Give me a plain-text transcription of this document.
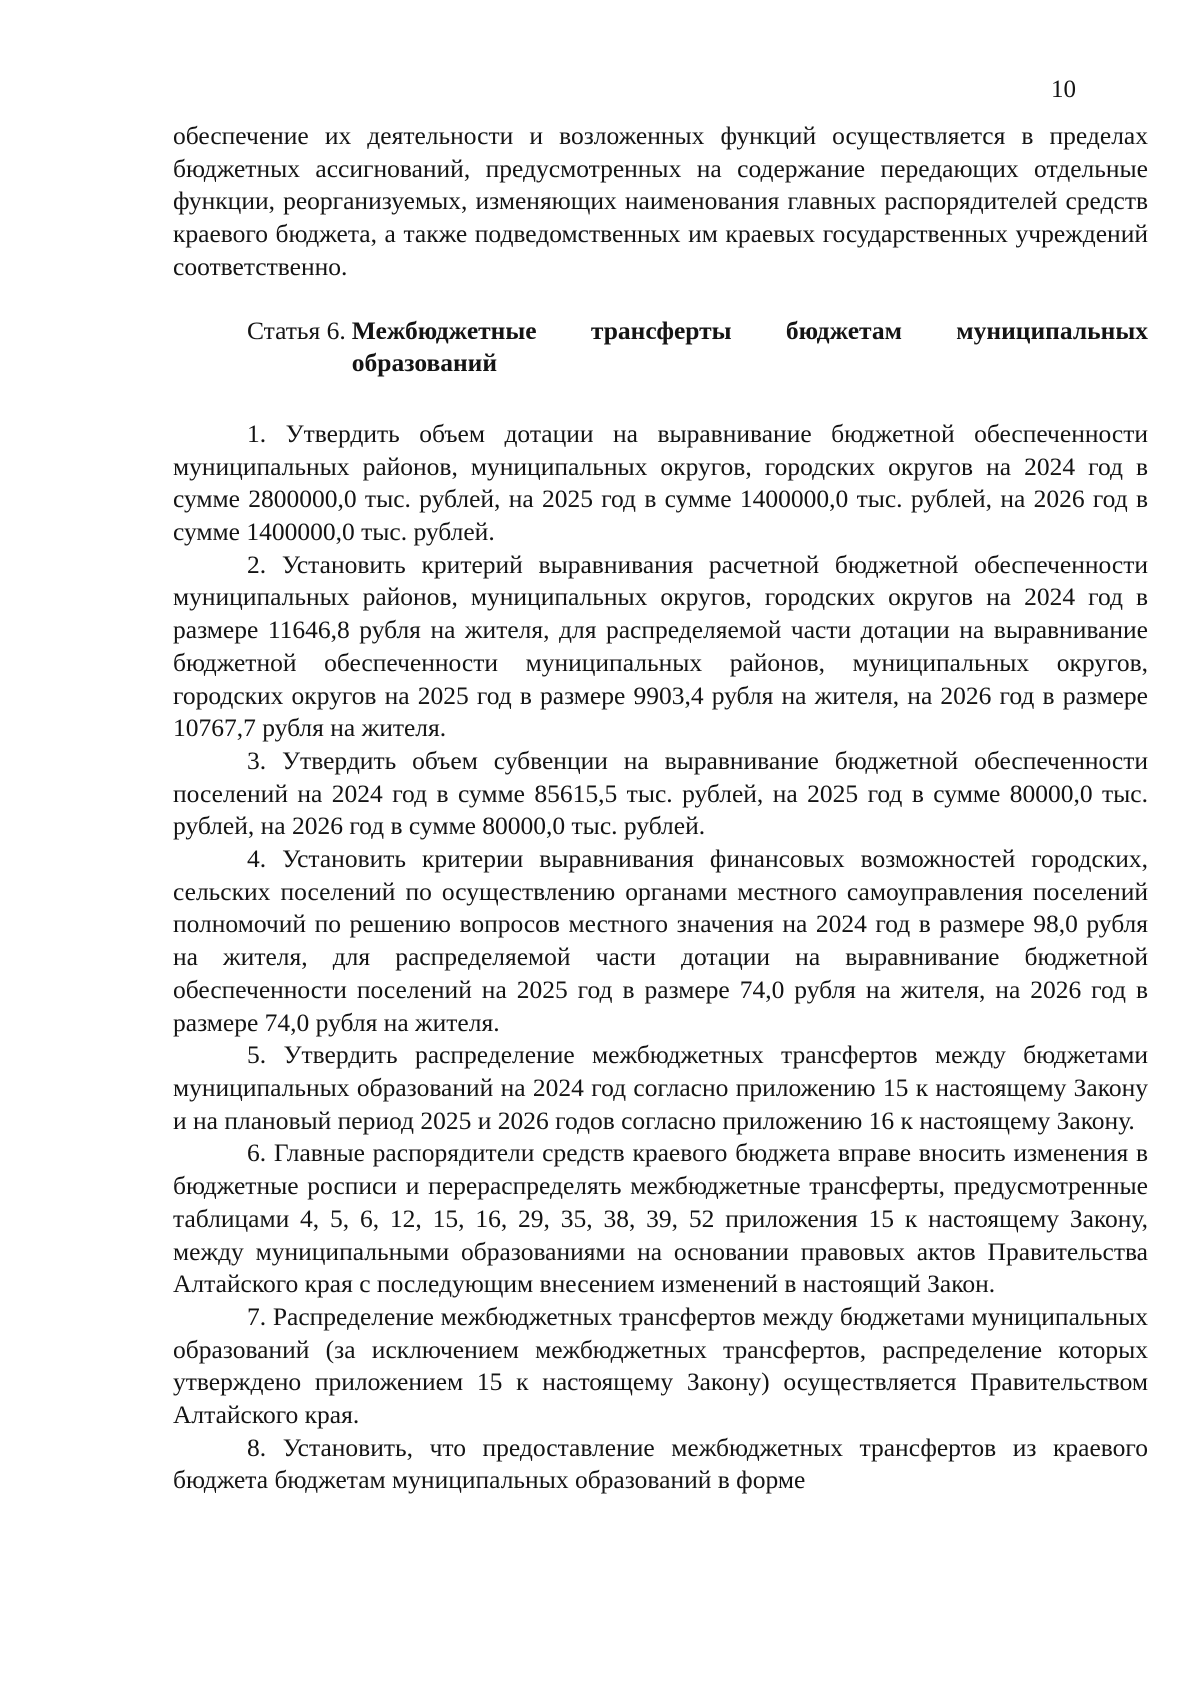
10

обеспечение их деятельности и возложенных функций осуществляется в пределах бюджетных ассигнований, предусмотренных на содержание передающих отдельные функции, реорганизуемых, изменяющих наименования главных распорядителей средств краевого бюджета, а также подведомственных им краевых государственных учреждений соответственно.

Статья 6. Межбюджетные трансферты бюджетам муниципальных образований

1. Утвердить объем дотации на выравнивание бюджетной обеспеченности муниципальных районов, муниципальных округов, городских округов на 2024 год в сумме 2800000,0 тыс. рублей, на 2025 год в сумме 1400000,0 тыс. рублей, на 2026 год в сумме 1400000,0 тыс. рублей.

2. Установить критерий выравнивания расчетной бюджетной обеспеченности муниципальных районов, муниципальных округов, городских округов на 2024 год в размере 11646,8 рубля на жителя, для распределяемой части дотации на выравнивание бюджетной обеспеченности муниципальных районов, муниципальных округов, городских округов на 2025 год в размере 9903,4 рубля на жителя, на 2026 год в размере 10767,7 рубля на жителя.

3. Утвердить объем субвенции на выравнивание бюджетной обеспеченности поселений на 2024 год в сумме 85615,5 тыс. рублей, на 2025 год в сумме 80000,0 тыс. рублей, на 2026 год в сумме 80000,0 тыс. рублей.

4. Установить критерии выравнивания финансовых возможностей городских, сельских поселений по осуществлению органами местного самоуправления поселений полномочий по решению вопросов местного значения на 2024 год в размере 98,0 рубля на жителя, для распределяемой части дотации на выравнивание бюджетной обеспеченности поселений на 2025 год в размере 74,0 рубля на жителя, на 2026 год в размере 74,0 рубля на жителя.

5. Утвердить распределение межбюджетных трансфертов между бюджетами муниципальных образований на 2024 год согласно приложению 15 к настоящему Закону и на плановый период 2025 и 2026 годов согласно приложению 16 к настоящему Закону.

6. Главные распорядители средств краевого бюджета вправе вносить изменения в бюджетные росписи и перераспределять межбюджетные трансферты, предусмотренные таблицами 4, 5, 6, 12, 15, 16, 29, 35, 38, 39, 52 приложения 15 к настоящему Закону, между муниципальными образованиями на основании правовых актов Правительства Алтайского края с последующим внесением изменений в настоящий Закон.

7. Распределение межбюджетных трансфертов между бюджетами муниципальных образований (за исключением межбюджетных трансфертов, распределение которых утверждено приложением 15 к настоящему Закону) осуществляется Правительством Алтайского края.

8. Установить, что предоставление межбюджетных трансфертов из краевого бюджета бюджетам муниципальных образований в форме
